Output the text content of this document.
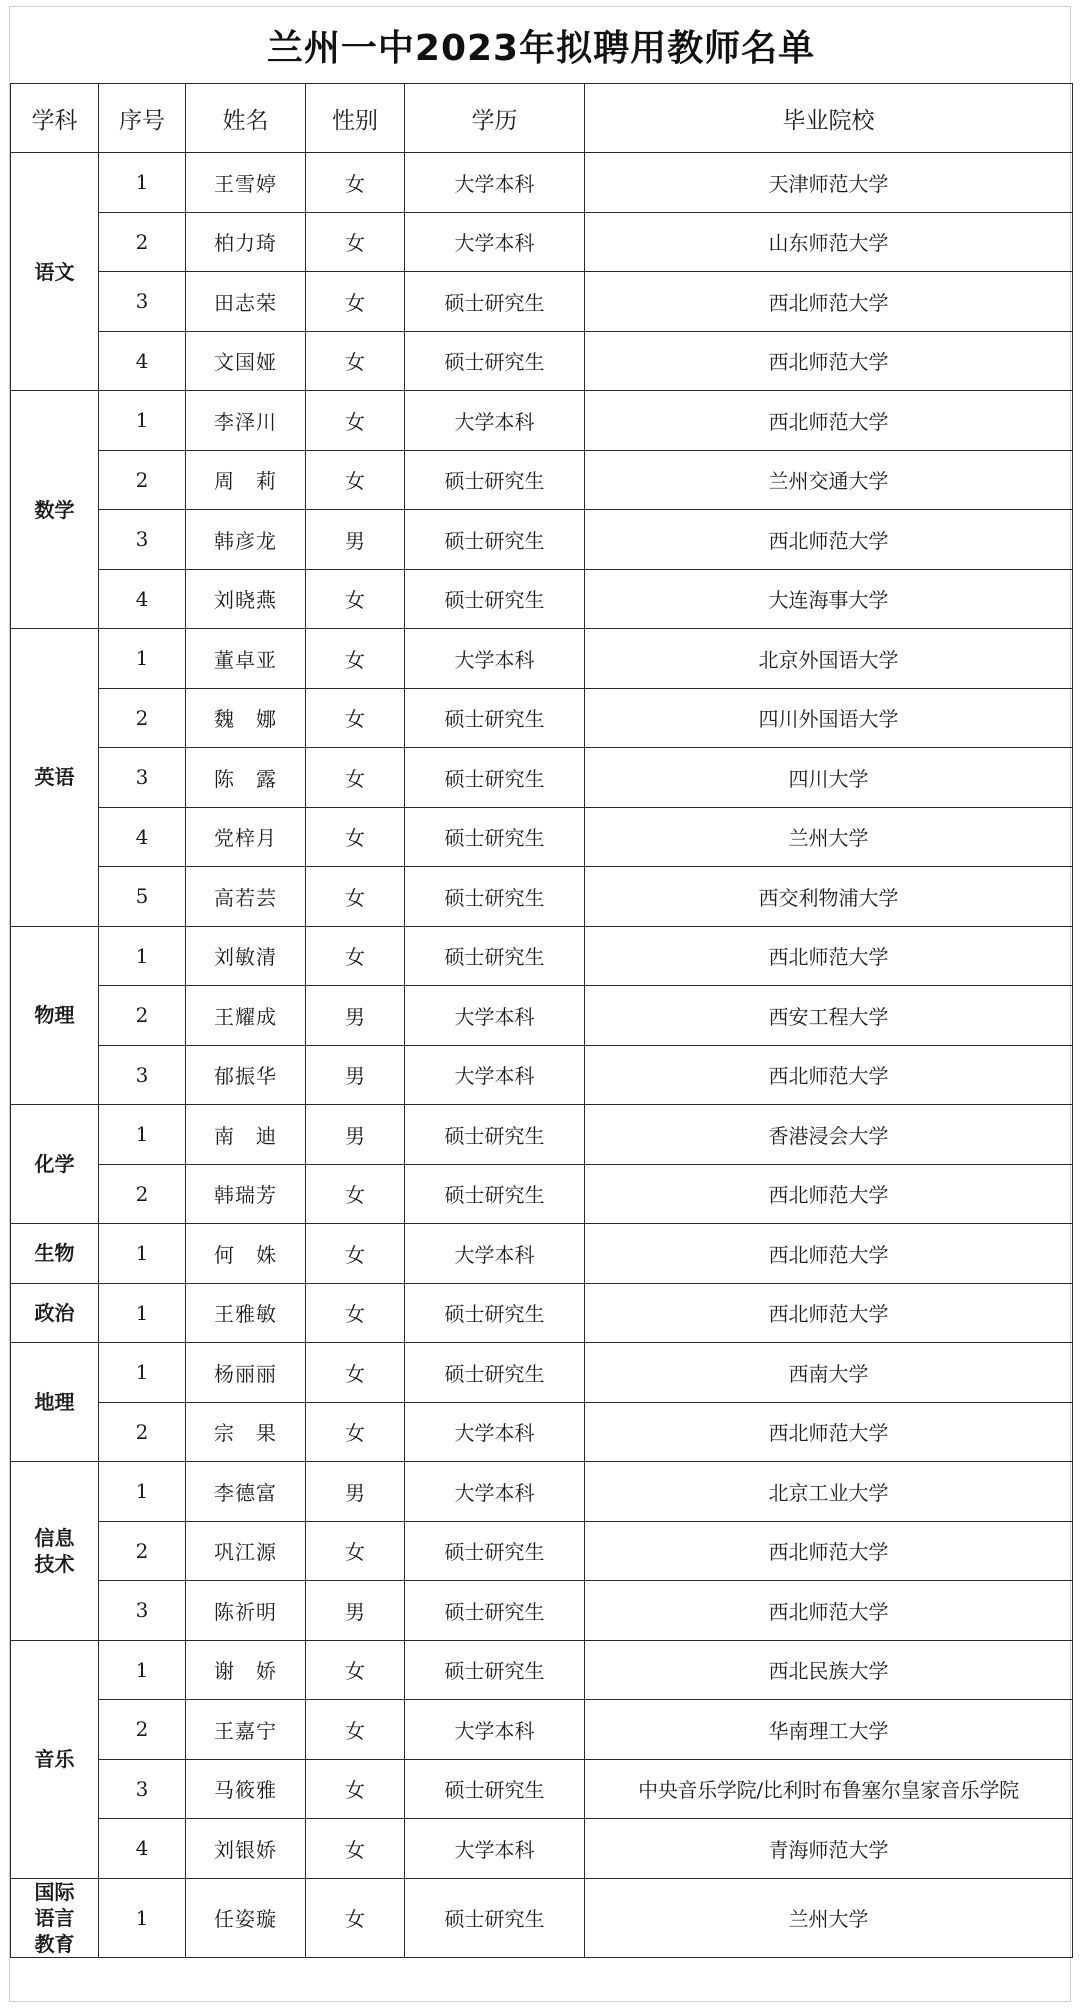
兰州一中2023年拟聘用教师名单
学科	序号	姓名	性别	学历	毕业院校
语文	1	王雪婷	女	大学本科	天津师范大学
	2	柏力琦	女	大学本科	山东师范大学
	3	田志荣	女	硕士研究生	西北师范大学
	4	文国娅	女	硕士研究生	西北师范大学
数学	1	李泽川	女	大学本科	西北师范大学
	2	周　莉	女	硕士研究生	兰州交通大学
	3	韩彦龙	男	硕士研究生	西北师范大学
	4	刘晓燕	女	硕士研究生	大连海事大学
英语	1	董卓亚	女	大学本科	北京外国语大学
	2	魏　娜	女	硕士研究生	四川外国语大学
	3	陈　露	女	硕士研究生	四川大学
	4	党梓月	女	硕士研究生	兰州大学
	5	高若芸	女	硕士研究生	西交利物浦大学
物理	1	刘敏清	女	硕士研究生	西北师范大学
	2	王耀成	男	大学本科	西安工程大学
	3	郁振华	男	大学本科	西北师范大学
化学	1	南　迪	男	硕士研究生	香港浸会大学
	2	韩瑞芳	女	硕士研究生	西北师范大学
生物	1	何　姝	女	大学本科	西北师范大学
政治	1	王雅敏	女	硕士研究生	西北师范大学
地理	1	杨丽丽	女	硕士研究生	西南大学
	2	宗　果	女	大学本科	西北师范大学
信息技术	1	李德富	男	大学本科	北京工业大学
	2	巩江源	女	硕士研究生	西北师范大学
	3	陈祈明	男	硕士研究生	西北师范大学
音乐	1	谢　娇	女	硕士研究生	西北民族大学
	2	王嘉宁	女	大学本科	华南理工大学
	3	马筱雅	女	硕士研究生	中央音乐学院/比利时布鲁塞尔皇家音乐学院
	4	刘银娇	女	大学本科	青海师范大学
国际语言教育	1	任姿璇	女	硕士研究生	兰州大学
